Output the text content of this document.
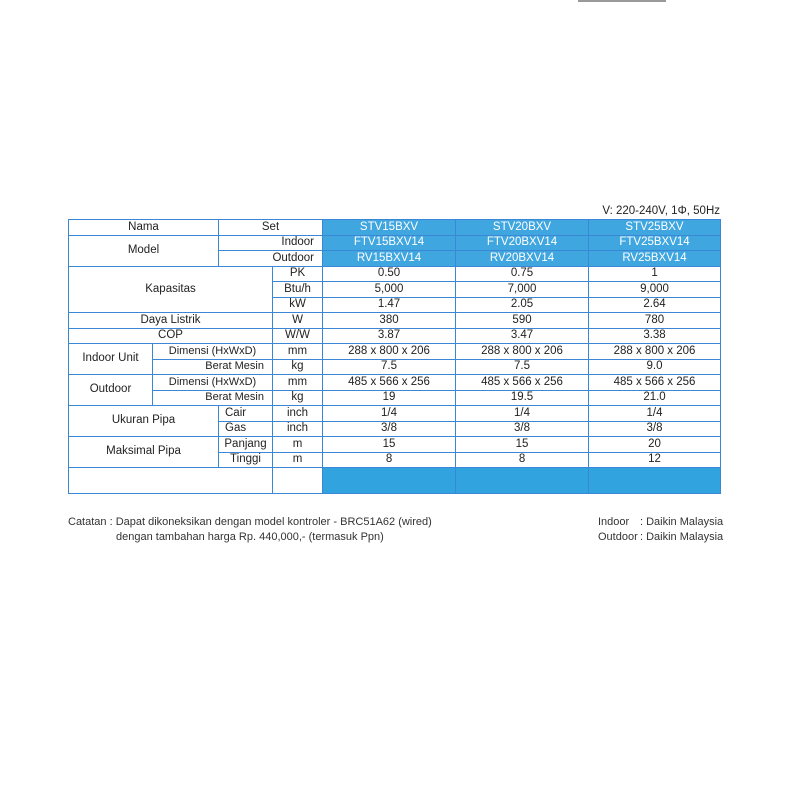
V: 220-240V, 1Φ, 50Hz
Nama		Set		STV15BXV	STV20BXV	STV25BXV
Model		Indoor		FTV15BXV14	FTV20BXV14	FTV25BXV14
		Outdoor		RV15BXV14	RV20BXV14	RV25BXV14
Kapasitas			PK	0.50	0.75	1
			Btu/h	5,000	7,000	9,000
			kW	1.47	2.05	2.64
Daya Listrik			W	380	590	780
COP			W/W	3.87	3.47	3.38
Indoor Unit	Dimensi (HxWxD)		mm	288 x 800 x 206	288 x 800 x 206	288 x 800 x 206
	Berat Mesin		kg	7.5	7.5	9.0
Outdoor	Dimensi (HxWxD)		mm	485 x 566 x 256	485 x 566 x 256	485 x 566 x 256
	Berat Mesin		kg	19	19.5	21.0
Ukuran Pipa		Cair	inch	1/4	1/4	1/4
		Gas	inch	3/8	3/8	3/8
Maksimal Pipa		Panjang	m	15	15	20
		Tinggi	m	8	8	12

Catatan : Dapat dikoneksikan dengan model kontroler - BRC51A62 (wired)
dengan tambahan harga Rp. 440,000,- (termasuk Ppn)
Indoor : Daikin Malaysia
Outdoor : Daikin Malaysia
